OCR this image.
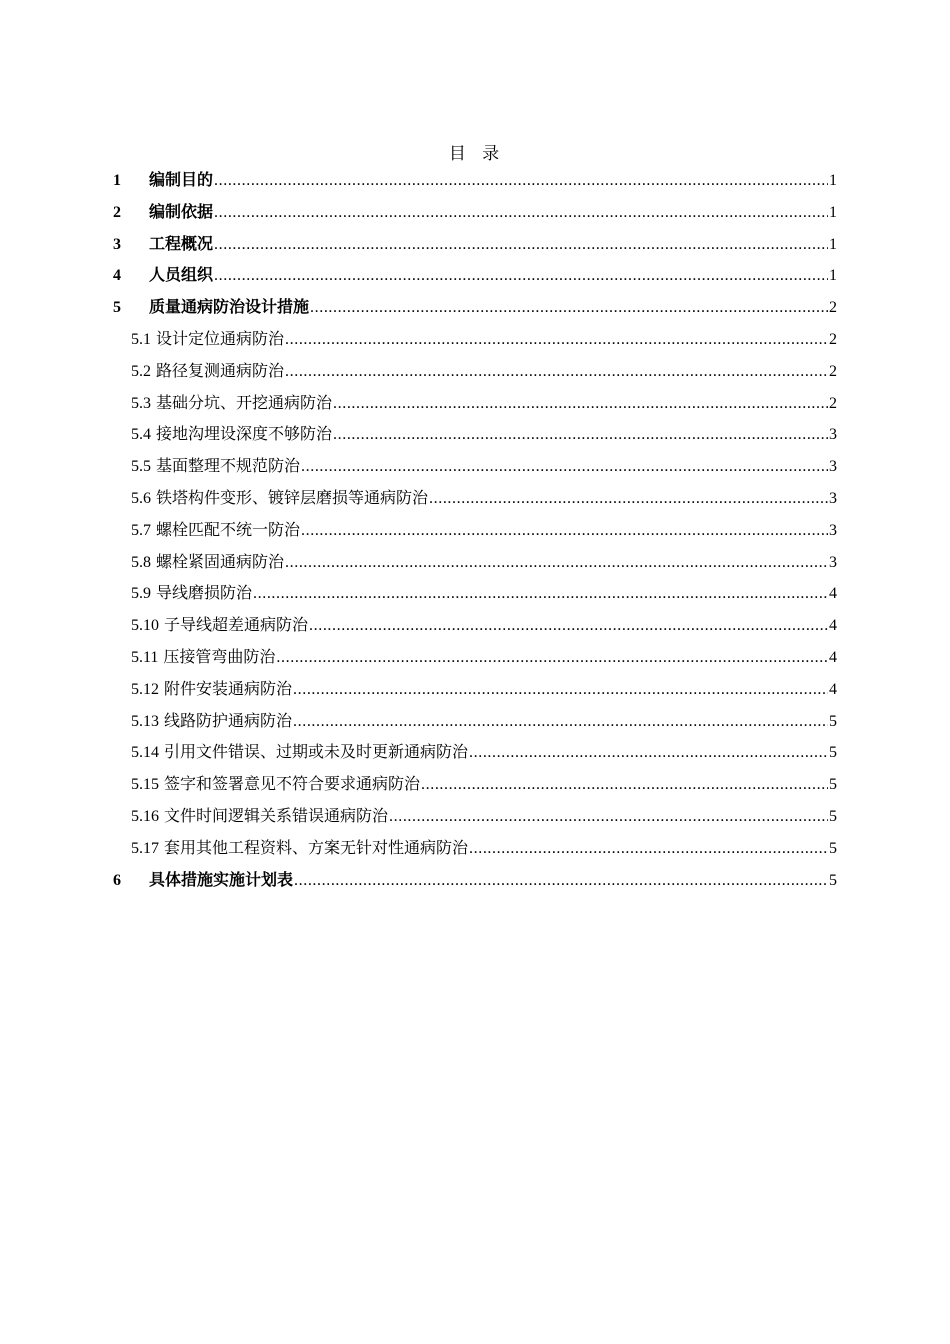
目 录
1	编制目的 .....	1
2	编制依据 .....	1
3	工程概况 .....	1
4	人员组织 .....	1
5	质量通病防治设计措施 .....	2
5.1 设计定位通病防治 .....	2
5.2 路径复测通病防治 .....	2
5.3 基础分坑、开挖通病防治 .....	2
5.4 接地沟埋设深度不够防治 .....	3
5.5 基面整理不规范防治 .....	3
5.6 铁塔构件变形、镀锌层磨损等通病防治 .....	3
5.7 螺栓匹配不统一防治 .....	3
5.8 螺栓紧固通病防治 .....	3
5.9 导线磨损防治 .....	4
5.10 子导线超差通病防治 .....	4
5.11 压接管弯曲防治 .....	4
5.12 附件安装通病防治 .....	4
5.13 线路防护通病防治 .....	5
5.14 引用文件错误、过期或未及时更新通病防治 .....	5
5.15 签字和签署意见不符合要求通病防治 .....	5
5.16 文件时间逻辑关系错误通病防治 .....	5
5.17 套用其他工程资料、方案无针对性通病防治 .....	5
6	具体措施实施计划表 .....	5
